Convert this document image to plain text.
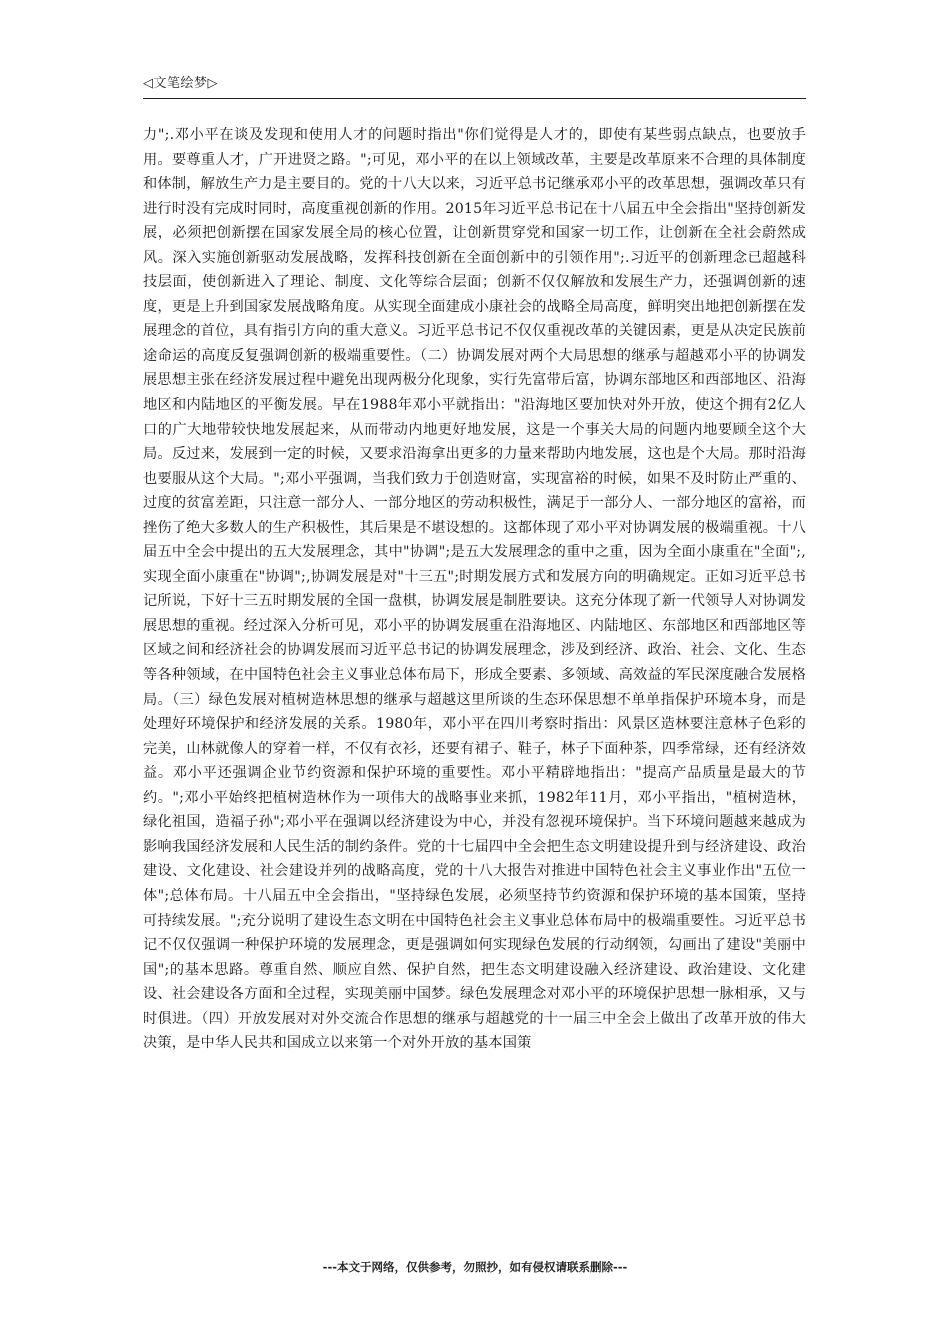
◁文笔绘梦▷

力";.邓小平在谈及发现和使用人才的问题时指出"你们觉得是人才的，即使有某些弱点缺点，也要放手用。要尊重人才，广开进贤之路。";可见，邓小平的在以上领域改革，主要是改革原来不合理的具体制度和体制，解放生产力是主要目的。党的十八大以来，习近平总书记继承邓小平的改革思想，强调改革只有进行时没有完成时同时，高度重视创新的作用。2015年习近平总书记在十八届五中全会指出"坚持创新发展，必须把创新摆在国家发展全局的核心位置，让创新贯穿党和国家一切工作，让创新在全社会蔚然成风。深入实施创新驱动发展战略，发挥科技创新在全面创新中的引领作用";.习近平的创新理念已超越科技层面，使创新进入了理论、制度、文化等综合层面；创新不仅仅解放和发展生产力，还强调创新的速度，更是上升到国家发展战略角度。从实现全面建成小康社会的战略全局高度，鲜明突出地把创新摆在发展理念的首位，具有指引方向的重大意义。习近平总书记不仅仅重视改革的关键因素，更是从决定民族前途命运的高度反复强调创新的极端重要性。（二）协调发展对两个大局思想的继承与超越邓小平的协调发展思想主张在经济发展过程中避免出现两极分化现象，实行先富带后富，协调东部地区和西部地区、沿海地区和内陆地区的平衡发展。早在1988年邓小平就指出："沿海地区要加快对外开放，使这个拥有2亿人口的广大地带较快地发展起来，从而带动内地更好地发展，这是一个事关大局的问题内地要顾全这个大局。反过来，发展到一定的时候，又要求沿海拿出更多的力量来帮助内地发展，这也是个大局。那时沿海也要服从这个大局。";邓小平强调，当我们致力于创造财富，实现富裕的时候，如果不及时防止严重的、过度的贫富差距，只注意一部分人、一部分地区的劳动积极性，满足于一部分人、一部分地区的富裕，而挫伤了绝大多数人的生产积极性，其后果是不堪设想的。这都体现了邓小平对协调发展的极端重视。十八届五中全会中提出的五大发展理念，其中"协调";是五大发展理念的重中之重，因为全面小康重在"全面";,实现全面小康重在"协调";,协调发展是对"十三五";时期发展方式和发展方向的明确规定。正如习近平总书记所说，下好十三五时期发展的全国一盘棋，协调发展是制胜要诀。这充分体现了新一代领导人对协调发展思想的重视。经过深入分析可见，邓小平的协调发展重在沿海地区、内陆地区、东部地区和西部地区等区域之间和经济社会的协调发展而习近平总书记的协调发展理念，涉及到经济、政治、社会、文化、生态等各种领域，在中国特色社会主义事业总体布局下，形成全要素、多领域、高效益的军民深度融合发展格局。（三）绿色发展对植树造林思想的继承与超越这里所谈的生态环保思想不单单指保护环境本身，而是处理好环境保护和经济发展的关系。1980年，邓小平在四川考察时指出：风景区造林要注意林子色彩的完美，山林就像人的穿着一样，不仅有衣衫，还要有裙子、鞋子，林子下面种茶，四季常绿，还有经济效益。邓小平还强调企业节约资源和保护环境的重要性。邓小平精辟地指出："提高产品质量是最大的节约。";邓小平始终把植树造林作为一项伟大的战略事业来抓，1982年11月，邓小平指出，"植树造林，绿化祖国，造福子孙";邓小平在强调以经济建设为中心，并没有忽视环境保护。当下环境问题越来越成为影响我国经济发展和人民生活的制约条件。党的十七届四中全会把生态文明建设提升到与经济建设、政治建设、文化建设、社会建设并列的战略高度，党的十八大报告对推进中国特色社会主义事业作出"五位一体";总体布局。十八届五中全会指出，"坚持绿色发展，必须坚持节约资源和保护环境的基本国策，坚持可持续发展。";充分说明了建设生态文明在中国特色社会主义事业总体布局中的极端重要性。习近平总书记不仅仅强调一种保护环境的发展理念，更是强调如何实现绿色发展的行动纲领，勾画出了建设"美丽中国";的基本思路。尊重自然、顺应自然、保护自然，把生态文明建设融入经济建设、政治建设、文化建设、社会建设各方面和全过程，实现美丽中国梦。绿色发展理念对邓小平的环境保护思想一脉相承，又与时俱进。（四）开放发展对对外交流合作思想的继承与超越党的十一届三中全会上做出了改革开放的伟大决策，是中华人民共和国成立以来第一个对外开放的基本国策

---本文于网络，仅供参考，勿照抄，如有侵权请联系删除---
